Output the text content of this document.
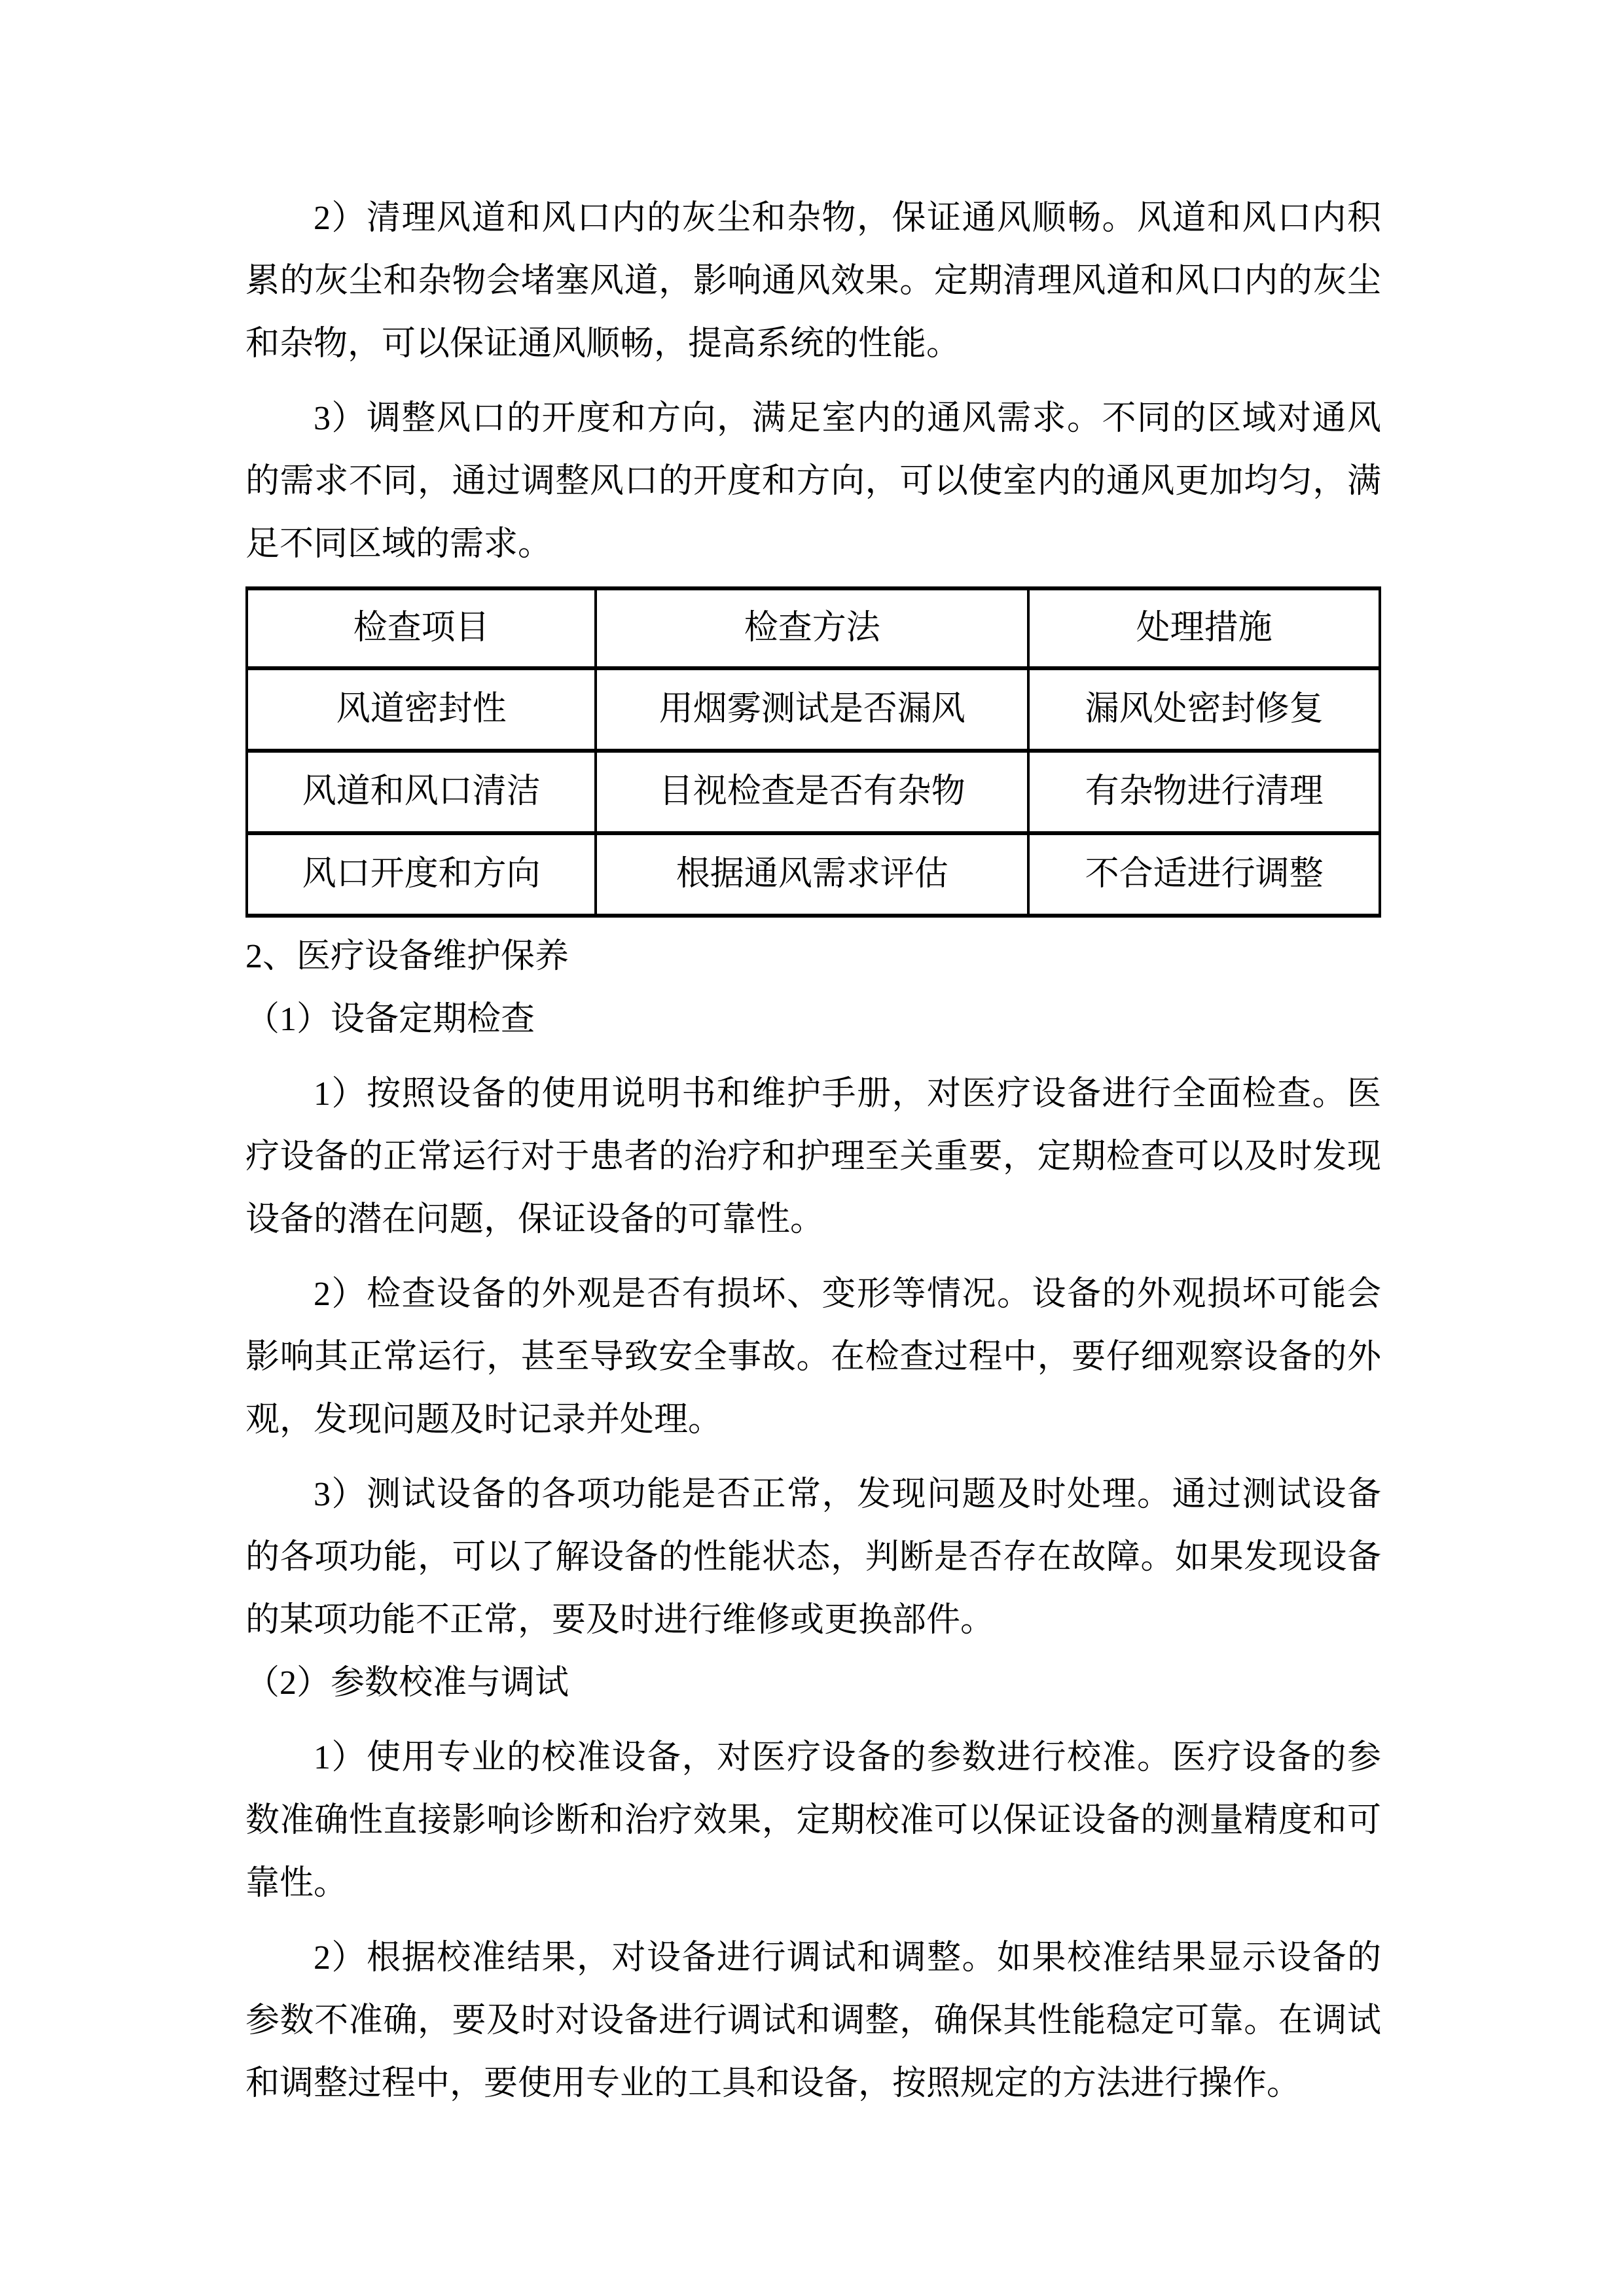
2）清理风道和风口内的灰尘和杂物，保证通风顺畅。风道和风口内积累的灰尘和杂物会堵塞风道，影响通风效果。定期清理风道和风口内的灰尘和杂物，可以保证通风顺畅，提高系统的性能。

3）调整风口的开度和方向，满足室内的通风需求。不同的区域对通风的需求不同，通过调整风口的开度和方向，可以使室内的通风更加均匀，满足不同区域的需求。

检查项目	检查方法	处理措施
风道密封性	用烟雾测试是否漏风	漏风处密封修复
风道和风口清洁	目视检查是否有杂物	有杂物进行清理
风口开度和方向	根据通风需求评估	不合适进行调整

2、医疗设备维护保养

（1）设备定期检查

1）按照设备的使用说明书和维护手册，对医疗设备进行全面检查。医疗设备的正常运行对于患者的治疗和护理至关重要，定期检查可以及时发现设备的潜在问题，保证设备的可靠性。

2）检查设备的外观是否有损坏、变形等情况。设备的外观损坏可能会影响其正常运行，甚至导致安全事故。在检查过程中，要仔细观察设备的外观，发现问题及时记录并处理。

3）测试设备的各项功能是否正常，发现问题及时处理。通过测试设备的各项功能，可以了解设备的性能状态，判断是否存在故障。如果发现设备的某项功能不正常，要及时进行维修或更换部件。

（2）参数校准与调试

1）使用专业的校准设备，对医疗设备的参数进行校准。医疗设备的参数准确性直接影响诊断和治疗效果，定期校准可以保证设备的测量精度和可靠性。

2）根据校准结果，对设备进行调试和调整。如果校准结果显示设备的参数不准确，要及时对设备进行调试和调整，确保其性能稳定可靠。在调试和调整过程中，要使用专业的工具和设备，按照规定的方法进行操作。
